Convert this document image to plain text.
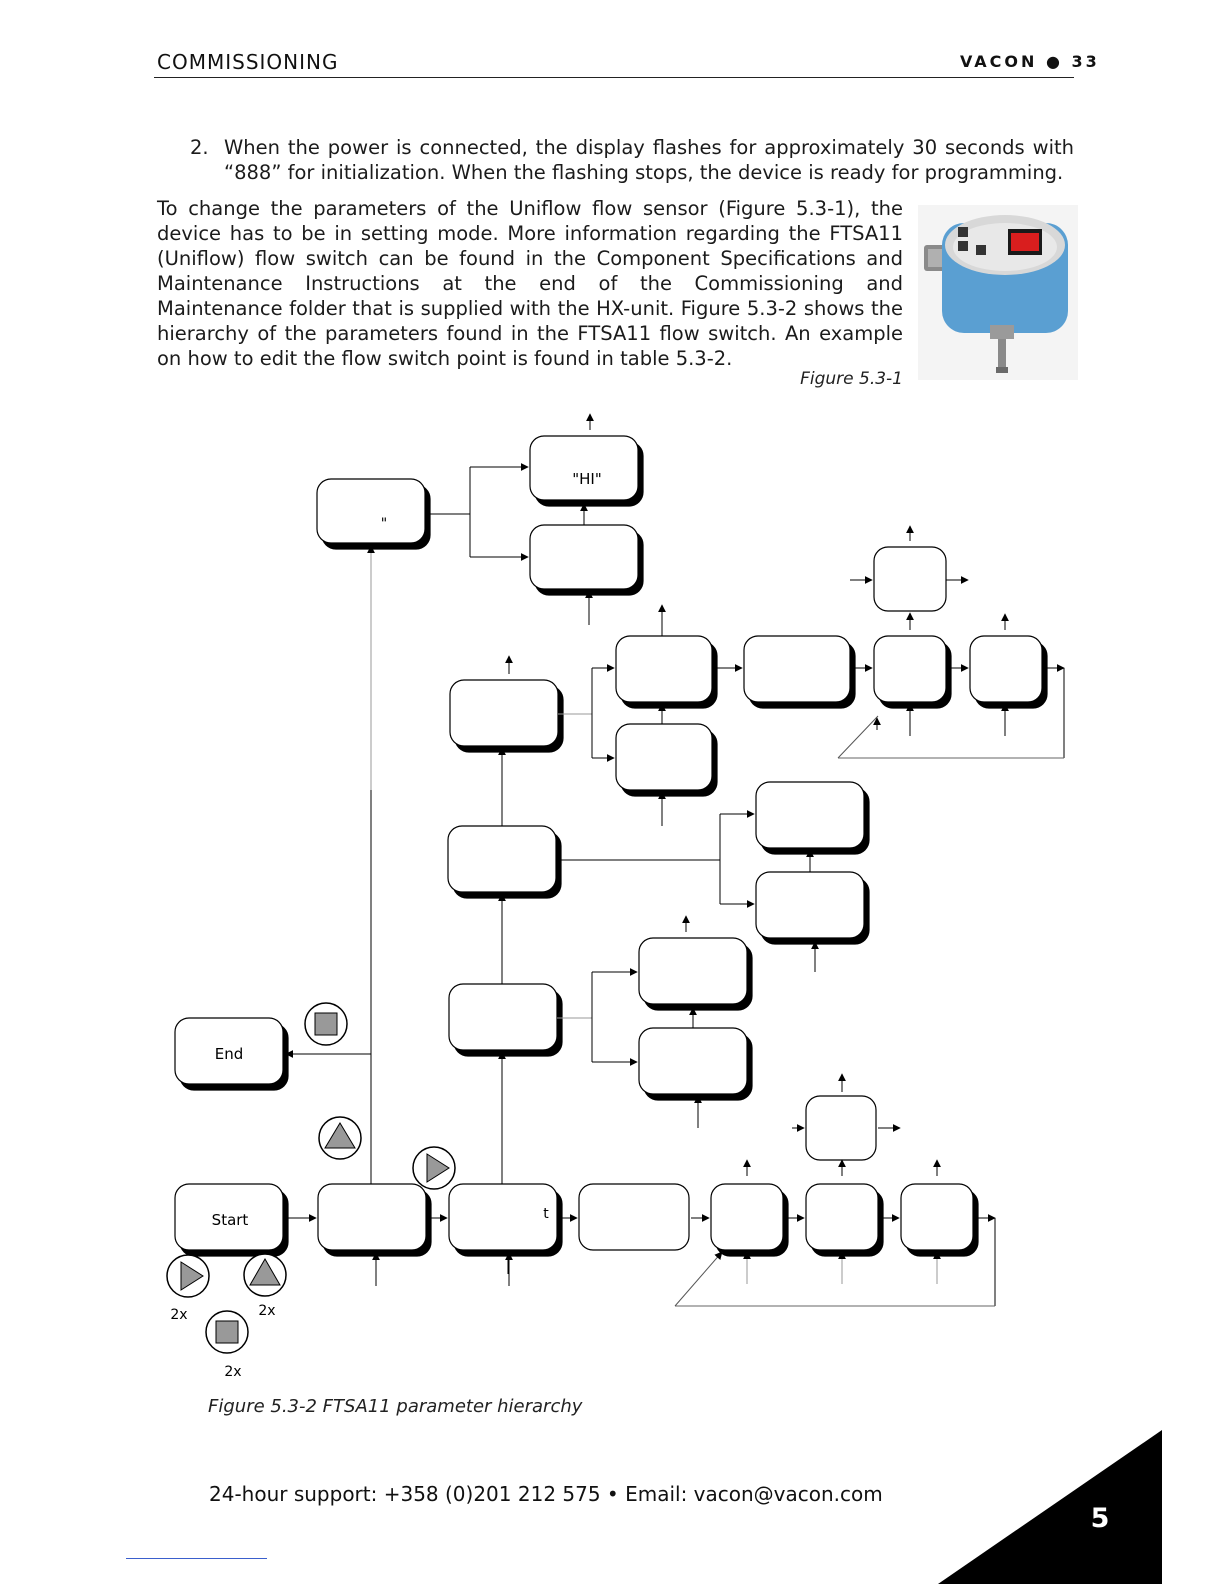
COMMISSIONING	VACON ● 33
2. When the power is connected, the display flashes for approximately 30 seconds with “888” for initialization. When the flashing stops, the device is ready for programming.
To change the parameters of the Uniflow flow sensor (Figure 5.3-1), the device has to be in setting mode. More information regarding the FTSA11 (Uniflow) flow switch can be found in the Component Specifications and Maintenance Instructions at the end of the Commissioning and Maintenance folder that is supplied with the HX-unit. Figure 5.3-2 shows the hierarchy of the parameters found in the FTSA11 flow switch. An example on how to edit the flow switch point is found in table 5.3-2.
Figure 5.3-1
"HI"
"
End
Start	t
2x	2x
2x
Figure 5.3-2 FTSA11 parameter hierarchy
24-hour support: +358 (0)201 212 575 • Email: vacon@vacon.com
5
